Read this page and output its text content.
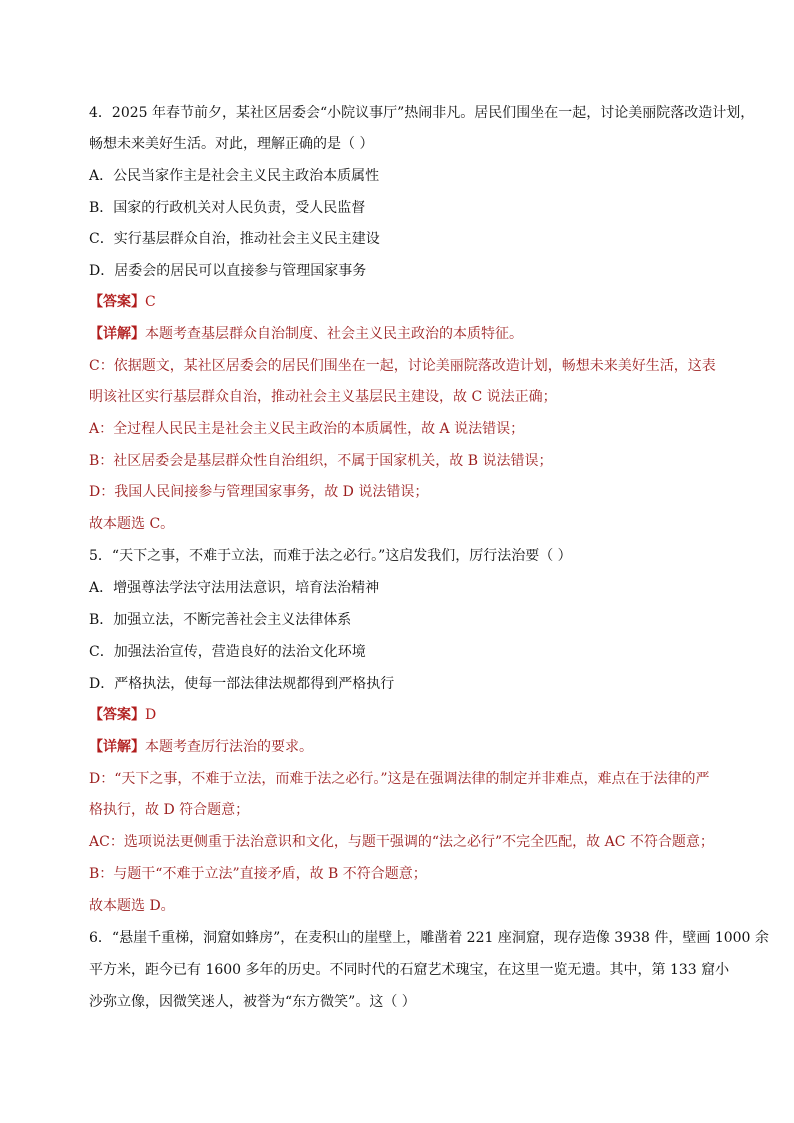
4．2025 年春节前夕，某社区居委会“小院议事厅”热闹非凡。居民们围坐在一起，讨论美丽院落改造计划，
畅想未来美好生活。对此，理解正确的是（ ）
A．公民当家作主是社会主义民主政治本质属性
B．国家的行政机关对人民负责，受人民监督
C．实行基层群众自治，推动社会主义民主建设
D．居委会的居民可以直接参与管理国家事务
【答案】C
【详解】本题考查基层群众自治制度、社会主义民主政治的本质特征。
C：依据题文，某社区居委会的居民们围坐在一起，讨论美丽院落改造计划，畅想未来美好生活，这表
明该社区实行基层群众自治，推动社会主义基层民主建设，故 C 说法正确；
A：全过程人民民主是社会主义民主政治的本质属性，故 A 说法错误；
B：社区居委会是基层群众性自治组织，不属于国家机关，故 B 说法错误；
D：我国人民间接参与管理国家事务，故 D 说法错误；
故本题选 C。
5．“天下之事，不难于立法，而难于法之必行。”这启发我们，厉行法治要（ ）
A．增强尊法学法守法用法意识，培育法治精神
B．加强立法，不断完善社会主义法律体系
C．加强法治宣传，营造良好的法治文化环境
D．严格执法，使每一部法律法规都得到严格执行
【答案】D
【详解】本题考查厉行法治的要求。
D：“天下之事，不难于立法，而难于法之必行。”这是在强调法律的制定并非难点，难点在于法律的严
格执行，故 D 符合题意；
AC：选项说法更侧重于法治意识和文化，与题干强调的“法之必行”不完全匹配，故 AC 不符合题意；
B：与题干“不难于立法”直接矛盾，故 B 不符合题意；
故本题选 D。
6．“悬崖千重梯，洞窟如蜂房”，在麦积山的崖壁上，雕凿着 221 座洞窟，现存造像 3938 件，壁画 1000 余
平方米，距今已有 1600 多年的历史。不同时代的石窟艺术瑰宝，在这里一览无遗。其中，第 133 窟小
沙弥立像，因微笑迷人，被誉为“东方微笑”。这（ ）
